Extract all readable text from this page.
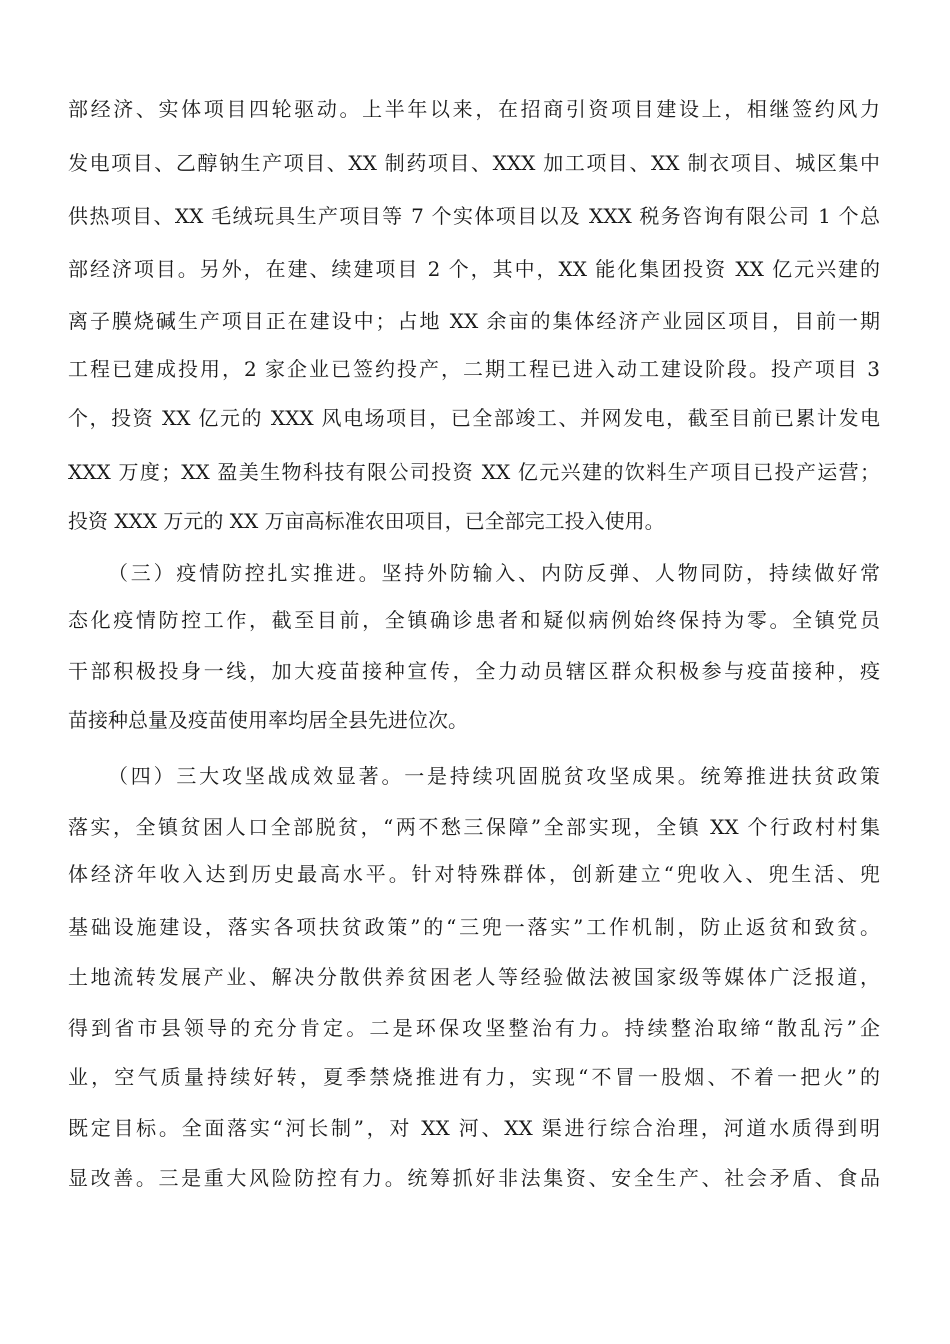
部经济、实体项目四轮驱动。上半年以来，在招商引资项目建设上，相继签约风力
发电项目、乙醇钠生产项目、XX 制药项目、XXX 加工项目、XX 制衣项目、城区集中
供热项目、XX 毛绒玩具生产项目等 7 个实体项目以及 XXX 税务咨询有限公司 1 个总
部经济项目。另外，在建、续建项目 2 个，其中，XX 能化集团投资 XX 亿元兴建的
离子膜烧碱生产项目正在建设中；占地 XX 余亩的集体经济产业园区项目，目前一期
工程已建成投用，2 家企业已签约投产，二期工程已进入动工建设阶段。投产项目 3
个，投资 XX 亿元的 XXX 风电场项目，已全部竣工、并网发电，截至目前已累计发电
XXX 万度；XX 盈美生物科技有限公司投资 XX 亿元兴建的饮料生产项目已投产运营；
投资 XXX 万元的 XX 万亩高标准农田项目，已全部完工投入使用。
（三）疫情防控扎实推进。坚持外防输入、内防反弹、人物同防，持续做好常
态化疫情防控工作，截至目前，全镇确诊患者和疑似病例始终保持为零。全镇党员
干部积极投身一线，加大疫苗接种宣传，全力动员辖区群众积极参与疫苗接种，疫
苗接种总量及疫苗使用率均居全县先进位次。
（四）三大攻坚战成效显著。一是持续巩固脱贫攻坚成果。统筹推进扶贫政策
落实，全镇贫困人口全部脱贫，“两不愁三保障”全部实现，全镇 XX 个行政村村集
体经济年收入达到历史最高水平。针对特殊群体，创新建立“兜收入、兜生活、兜
基础设施建设，落实各项扶贫政策”的“三兜一落实”工作机制，防止返贫和致贫。
土地流转发展产业、解决分散供养贫困老人等经验做法被国家级等媒体广泛报道，
得到省市县领导的充分肯定。二是环保攻坚整治有力。持续整治取缔“散乱污”企
业，空气质量持续好转，夏季禁烧推进有力，实现“不冒一股烟、不着一把火”的
既定目标。全面落实“河长制”，对 XX 河、XX 渠进行综合治理，河道水质得到明
显改善。三是重大风险防控有力。统筹抓好非法集资、安全生产、社会矛盾、食品
